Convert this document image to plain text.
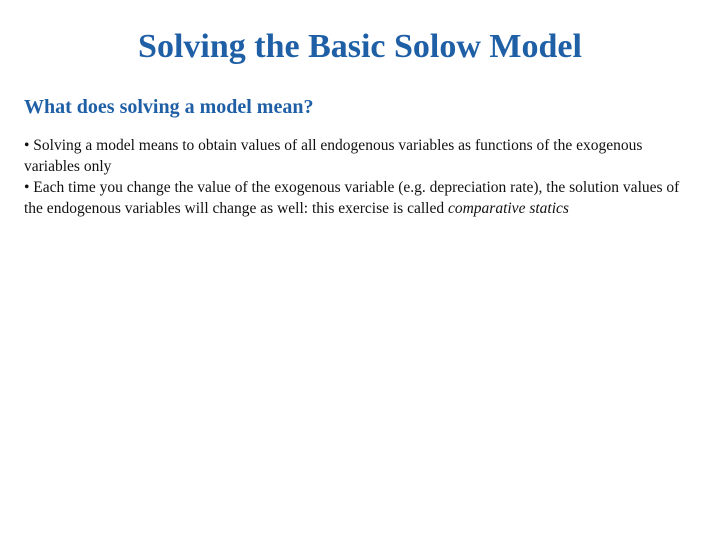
Solving the Basic Solow Model
What does solving a model mean?

• Solving a model means to obtain values of all endogenous variables as functions of the exogenous variables only

• Each time you change the value of the exogenous variable (e.g. depreciation rate), the solution values of the endogenous variables will change as well: this exercise is called comparative statics
